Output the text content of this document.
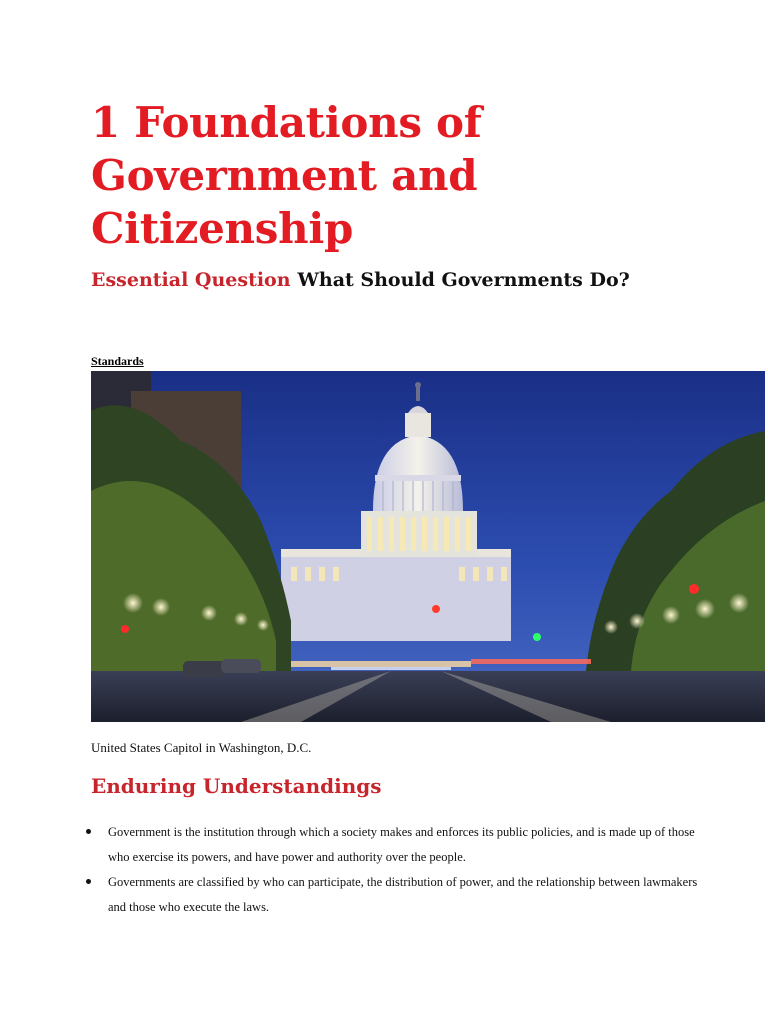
1 Foundations of Government and Citizenship
Essential Question What Should Governments Do?
Standards
United States Capitol in Washington, D.C.
Enduring Understandings
Government is the institution through which a society makes and enforces its public policies, and is made up of those who exercise its powers, and have power and authority over the people.
Governments are classified by who can participate, the distribution of power, and the relationship between lawmakers and those who execute the laws.
